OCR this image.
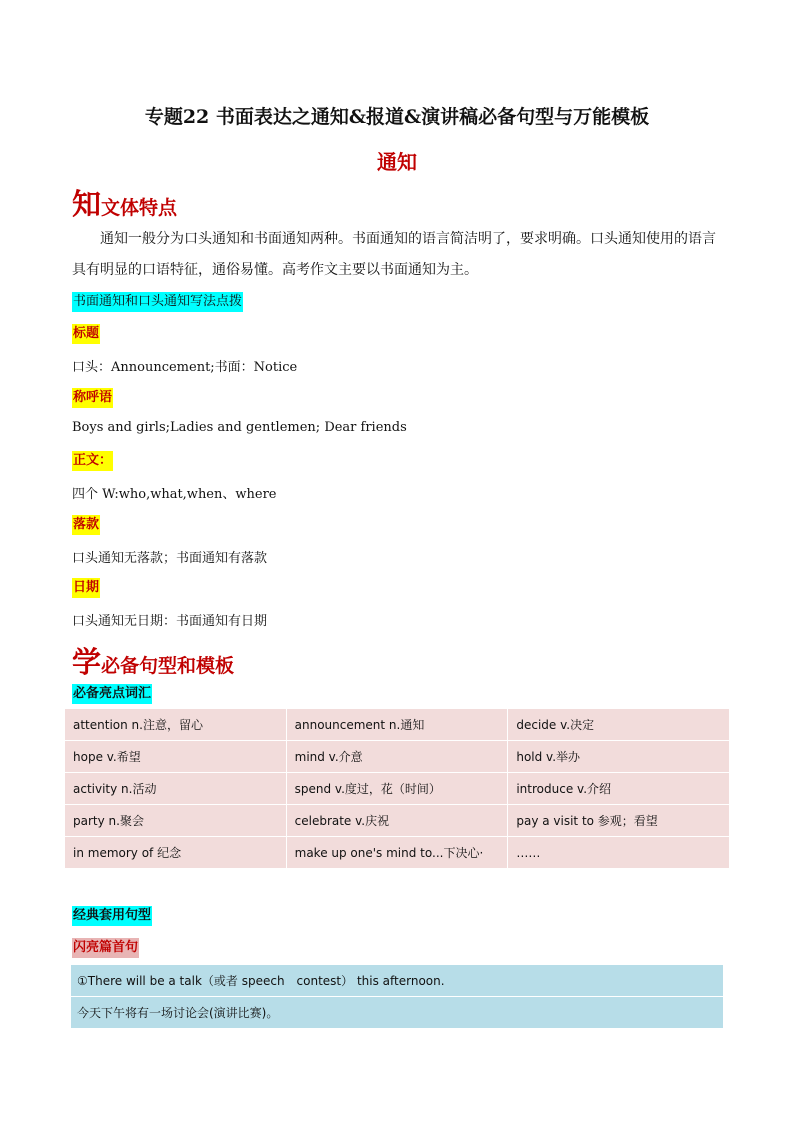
专题22 书面表达之通知&报道&演讲稿必备句型与万能模板
通知
知文体特点
通知一般分为口头通知和书面通知两种。书面通知的语言简洁明了，要求明确。口头通知使用的语言
具有明显的口语特征，通俗易懂。高考作文主要以书面通知为主。
书面通知和口头通知写法点拨
标题
口头：Announcement;书面：Notice
称呼语
Boys and girls;Ladies and gentlemen; Dear friends
正文：
四个 W:who,what,when、where
落款
口头通知无落款；书面通知有落款
日期
口头通知无日期：书面通知有日期
学必备句型和模板
必备亮点词汇
attention n.注意，留心	announcement n.通知	decide v.决定
hope v.希望	mind v.介意	hold v.举办
activity n.活动	spend v.度过，花（时间）	introduce v.介绍
party n.聚会	celebrate v.庆祝	pay a visit to 参观；看望
in memory of 纪念	make up one's mind to...下决心·	……
经典套用句型
闪亮篇首句
①There will be a talk（或者 speech　contest） this afternoon.
今天下午将有一场讨论会(演讲比赛)。
